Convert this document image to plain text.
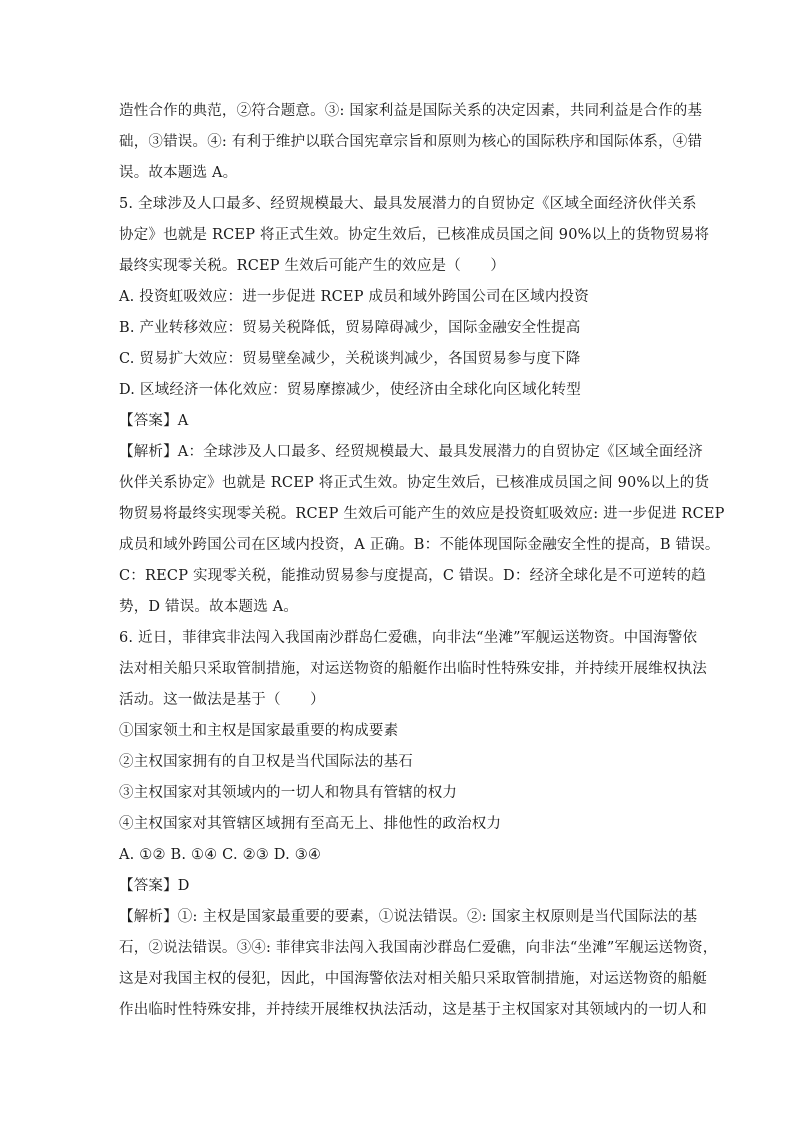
造性合作的典范，②符合题意。③: 国家利益是国际关系的决定因素，共同利益是合作的基
础，③错误。④: 有利于维护以联合国宪章宗旨和原则为核心的国际秩序和国际体系，④错
误。故本题选 A。
5. 全球涉及人口最多、经贸规模最大、最具发展潜力的自贸协定《区域全面经济伙伴关系
协定》也就是 RCEP 将正式生效。协定生效后，已核准成员国之间 90%以上的货物贸易将
最终实现零关税。RCEP 生效后可能产生的效应是（　　）
A. 投资虹吸效应：进一步促进 RCEP 成员和域外跨国公司在区域内投资
B. 产业转移效应：贸易关税降低，贸易障碍减少，国际金融安全性提高
C. 贸易扩大效应：贸易壁垒减少，关税谈判减少，各国贸易参与度下降
D. 区域经济一体化效应：贸易摩擦减少，使经济由全球化向区域化转型
【答案】A
【解析】A：全球涉及人口最多、经贸规模最大、最具发展潜力的自贸协定《区域全面经济
伙伴关系协定》也就是 RCEP 将正式生效。协定生效后，已核准成员国之间 90%以上的货
物贸易将最终实现零关税。RCEP 生效后可能产生的效应是投资虹吸效应: 进一步促进 RCEP
成员和域外跨国公司在区域内投资，A 正确。B：不能体现国际金融安全性的提高，B 错误。
C：RECP 实现零关税，能推动贸易参与度提高，C 错误。D：经济全球化是不可逆转的趋
势，D 错误。故本题选 A。
6. 近日，菲律宾非法闯入我国南沙群岛仁爱礁，向非法“坐滩”军舰运送物资。中国海警依
法对相关船只采取管制措施，对运送物资的船艇作出临时性特殊安排，并持续开展维权执法
活动。这一做法是基于（　　）
①国家领土和主权是国家最重要的构成要素
②主权国家拥有的自卫权是当代国际法的基石
③主权国家对其领域内的一切人和物具有管辖的权力
④主权国家对其管辖区域拥有至高无上、排他性的政治权力
A. ①② B. ①④ C. ②③ D. ③④
【答案】D
【解析】①: 主权是国家最重要的要素，①说法错误。②: 国家主权原则是当代国际法的基
石，②说法错误。③④: 菲律宾非法闯入我国南沙群岛仁爱礁，向非法“坐滩”军舰运送物资，
这是对我国主权的侵犯，因此，中国海警依法对相关船只采取管制措施，对运送物资的船艇
作出临时性特殊安排，并持续开展维权执法活动，这是基于主权国家对其领域内的一切人和
